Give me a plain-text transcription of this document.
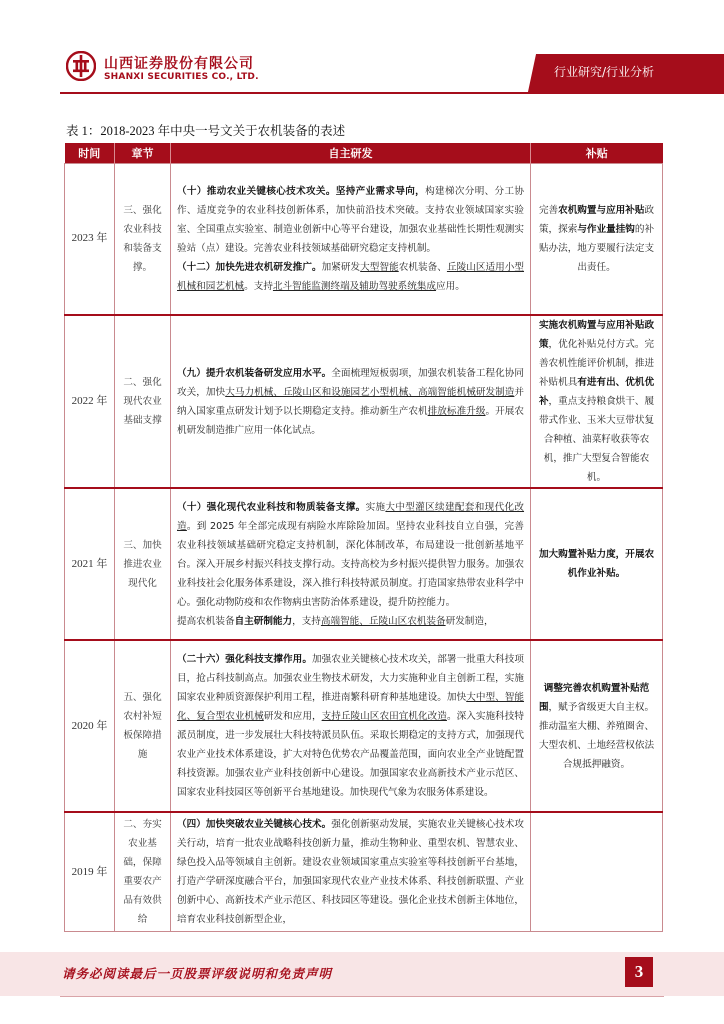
山西证券股份有限公司
SHANXI SECURITIES CO., LTD.	行业研究/行业分析
表 1：2018-2023 年中央一号文关于农机装备的表述
时间	章节	自主研发	补贴
2023 年	三、强化农业科技和装备支撑。	（十）推动农业关键核心技术攻关。坚持产业需求导向，构建梯次分明、分工协作、适度竞争的农业科技创新体系，加快前沿技术突破。支持农业领域国家实验室、全国重点实验室、制造业创新中心等平台建设，加强农业基础性长期性观测实验站（点）建设。完善农业科技领域基础研究稳定支持机制。
（十二）加快先进农机研发推广。加紧研发大型智能农机装备、丘陵山区适用小型机械和园艺机械。支持北斗智能监测终端及辅助驾驶系统集成应用。	完善农机购置与应用补贴政策，探索与作业量挂钩的补贴办法，地方要履行法定支出责任。
2022 年	二、强化现代农业基础支撑	（九）提升农机装备研发应用水平。全面梳理短板弱项，加强农机装备工程化协同攻关，加快大马力机械、丘陵山区和设施园艺小型机械、高端智能机械研发制造并纳入国家重点研发计划予以长期稳定支持。推动新生产农机排放标准升级。开展农机研发制造推广应用一体化试点。	实施农机购置与应用补贴政策，优化补贴兑付方式。完善农机性能评价机制，推进补贴机具有进有出、优机优补，重点支持粮食烘干、履带式作业、玉米大豆带状复合种植、油菜籽收获等农机，推广大型复合智能农机。
2021 年	三、加快推进农业现代化	（十）强化现代农业科技和物质装备支撑。实施大中型灌区续建配套和现代化改造。到 2025 年全部完成现有病险水库除险加固。坚持农业科技自立自强，完善农业科技领域基础研究稳定支持机制，深化体制改革，布局建设一批创新基地平台。深入开展乡村振兴科技支撑行动。支持高校为乡村振兴提供智力服务。加强农业科技社会化服务体系建设，深入推行科技特派员制度。打造国家热带农业科学中心。强化动物防疫和农作物病虫害防治体系建设，提升防控能力。
提高农机装备自主研制能力，支持高端智能、丘陵山区农机装备研发制造，	加大购置补贴力度，开展农机作业补贴。
2020 年	五、强化农村补短板保障措施	（二十六）强化科技支撑作用。加强农业关键核心技术攻关，部署一批重大科技项目，抢占科技制高点。加强农业生物技术研发，大力实施种业自主创新工程，实施国家农业种质资源保护利用工程，推进南繁科研育种基地建设。加快大中型、智能化、复合型农业机械研发和应用，支持丘陵山区农田宜机化改造。深入实施科技特派员制度，进一步发展壮大科技特派员队伍。采取长期稳定的支持方式，加强现代农业产业技术体系建设，扩大对特色优势农产品覆盖范围，面向农业全产业链配置科技资源。加强农业产业科技创新中心建设。加强国家农业高新技术产业示范区、国家农业科技园区等创新平台基地建设。加快现代气象为农服务体系建设。	调整完善农机购置补贴范围，赋予省级更大自主权。推动温室大棚、养殖圈舍、大型农机、土地经营权依法合规抵押融资。
2019 年	二、夯实农业基础，保障重要农产品有效供给	（四）加快突破农业关键核心技术。强化创新驱动发展，实施农业关键核心技术攻关行动，培育一批农业战略科技创新力量，推动生物种业、重型农机、智慧农业、绿色投入品等领域自主创新。建设农业领域国家重点实验室等科技创新平台基地，打造产学研深度融合平台，加强国家现代农业产业技术体系、科技创新联盟、产业创新中心、高新技术产业示范区、科技园区等建设。强化企业技术创新主体地位，培育农业科技创新型企业，	
请务必阅读最后一页股票评级说明和免责声明	3
